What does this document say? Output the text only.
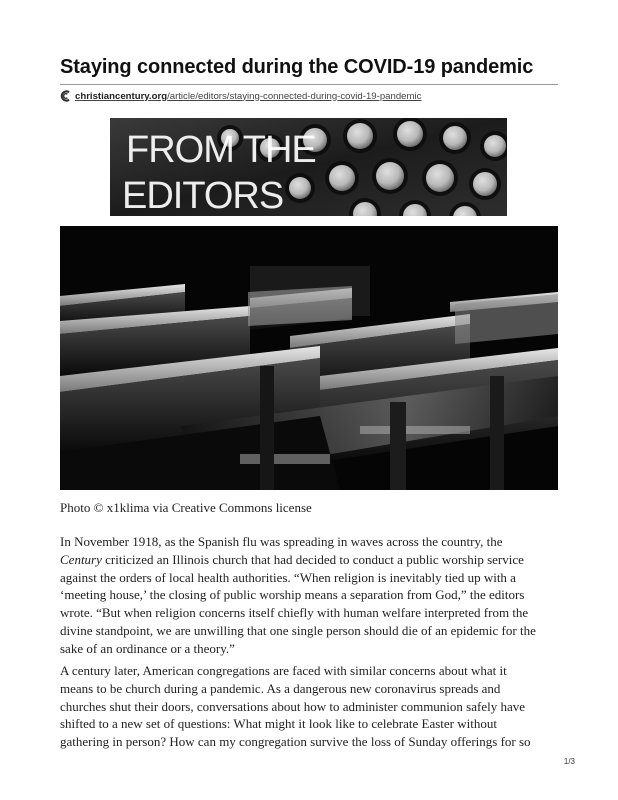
Staying connected during the COVID-19 pandemic
christiancentury.org/article/editors/staying-connected-during-covid-19-pandemic
FROM THE
EDITORS

Photo © x1klima via Creative Commons license

In November 1918, as the Spanish flu was spreading in waves across the country, the
Century criticized an Illinois church that had decided to conduct a public worship service
against the orders of local health authorities. “When religion is inevitably tied up with a
‘meeting house,’ the closing of public worship means a separation from God,” the editors
wrote. “But when religion concerns itself chiefly with human welfare interpreted from the
divine standpoint, we are unwilling that one single person should die of an epidemic for the
sake of an ordinance or a theory.”

A century later, American congregations are faced with similar concerns about what it
means to be church during a pandemic. As a dangerous new coronavirus spreads and
churches shut their doors, conversations about how to administer communion safely have
shifted to a new set of questions: What might it look like to celebrate Easter without
gathering in person? How can my congregation survive the loss of Sunday offerings for so

1/3
